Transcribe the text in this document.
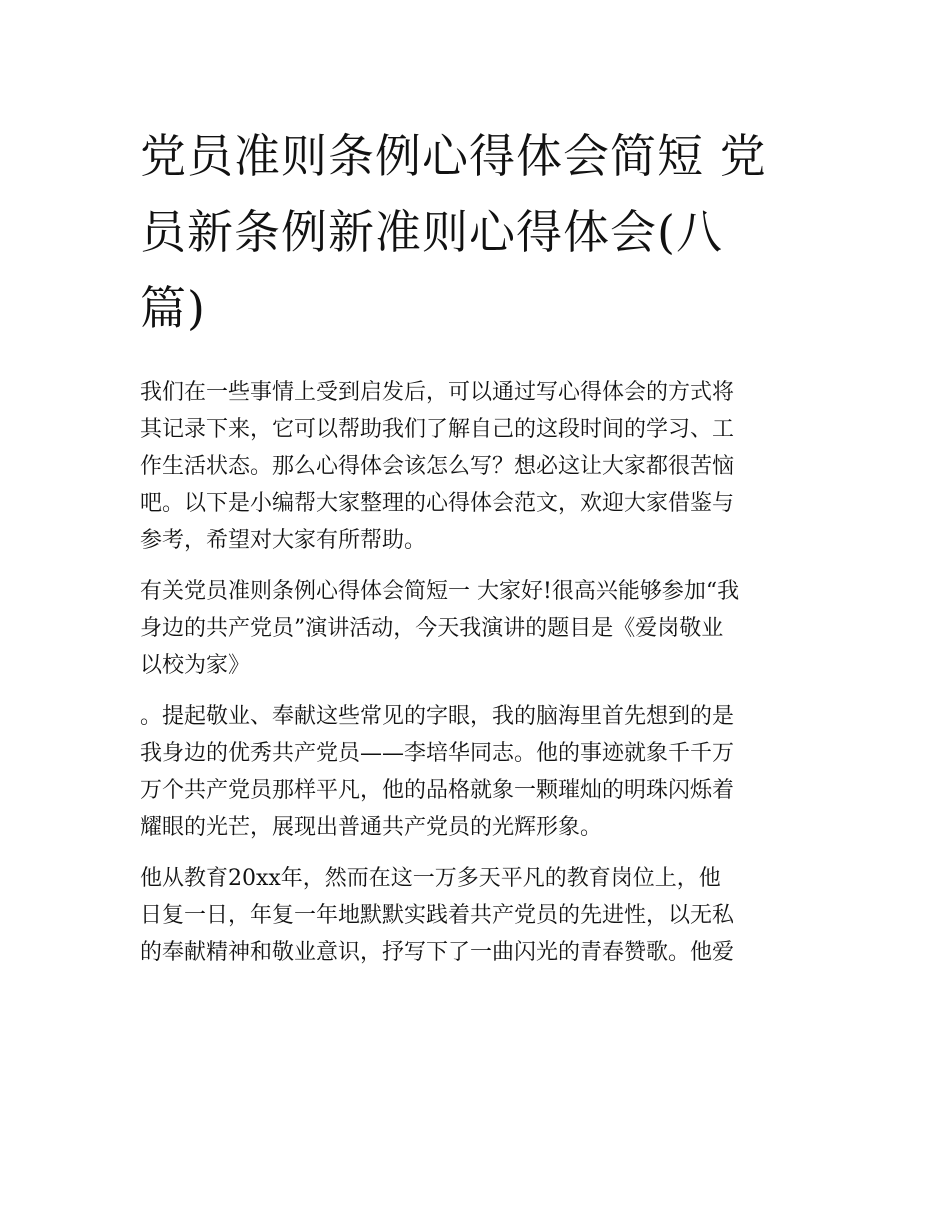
党员准则条例心得体会简短 党
员新条例新准则心得体会(八
篇)

我们在一些事情上受到启发后，可以通过写心得体会的方式将
其记录下来，它可以帮助我们了解自己的这段时间的学习、工
作生活状态。那么心得体会该怎么写？想必这让大家都很苦恼
吧。以下是小编帮大家整理的心得体会范文，欢迎大家借鉴与
参考，希望对大家有所帮助。

有关党员准则条例心得体会简短一 大家好!很高兴能够参加“我
身边的共产党员”演讲活动，今天我演讲的题目是《爱岗敬业
以校为家》

。提起敬业、奉献这些常见的字眼，我的脑海里首先想到的是
我身边的优秀共产党员——李培华同志。他的事迹就象千千万
万个共产党员那样平凡，他的品格就象一颗璀灿的明珠闪烁着
耀眼的光芒，展现出普通共产党员的光辉形象。

他从教育20xx年，然而在这一万多天平凡的教育岗位上，他
日复一日，年复一年地默默实践着共产党员的先进性，以无私
的奉献精神和敬业意识，抒写下了一曲闪光的青春赞歌。他爱
